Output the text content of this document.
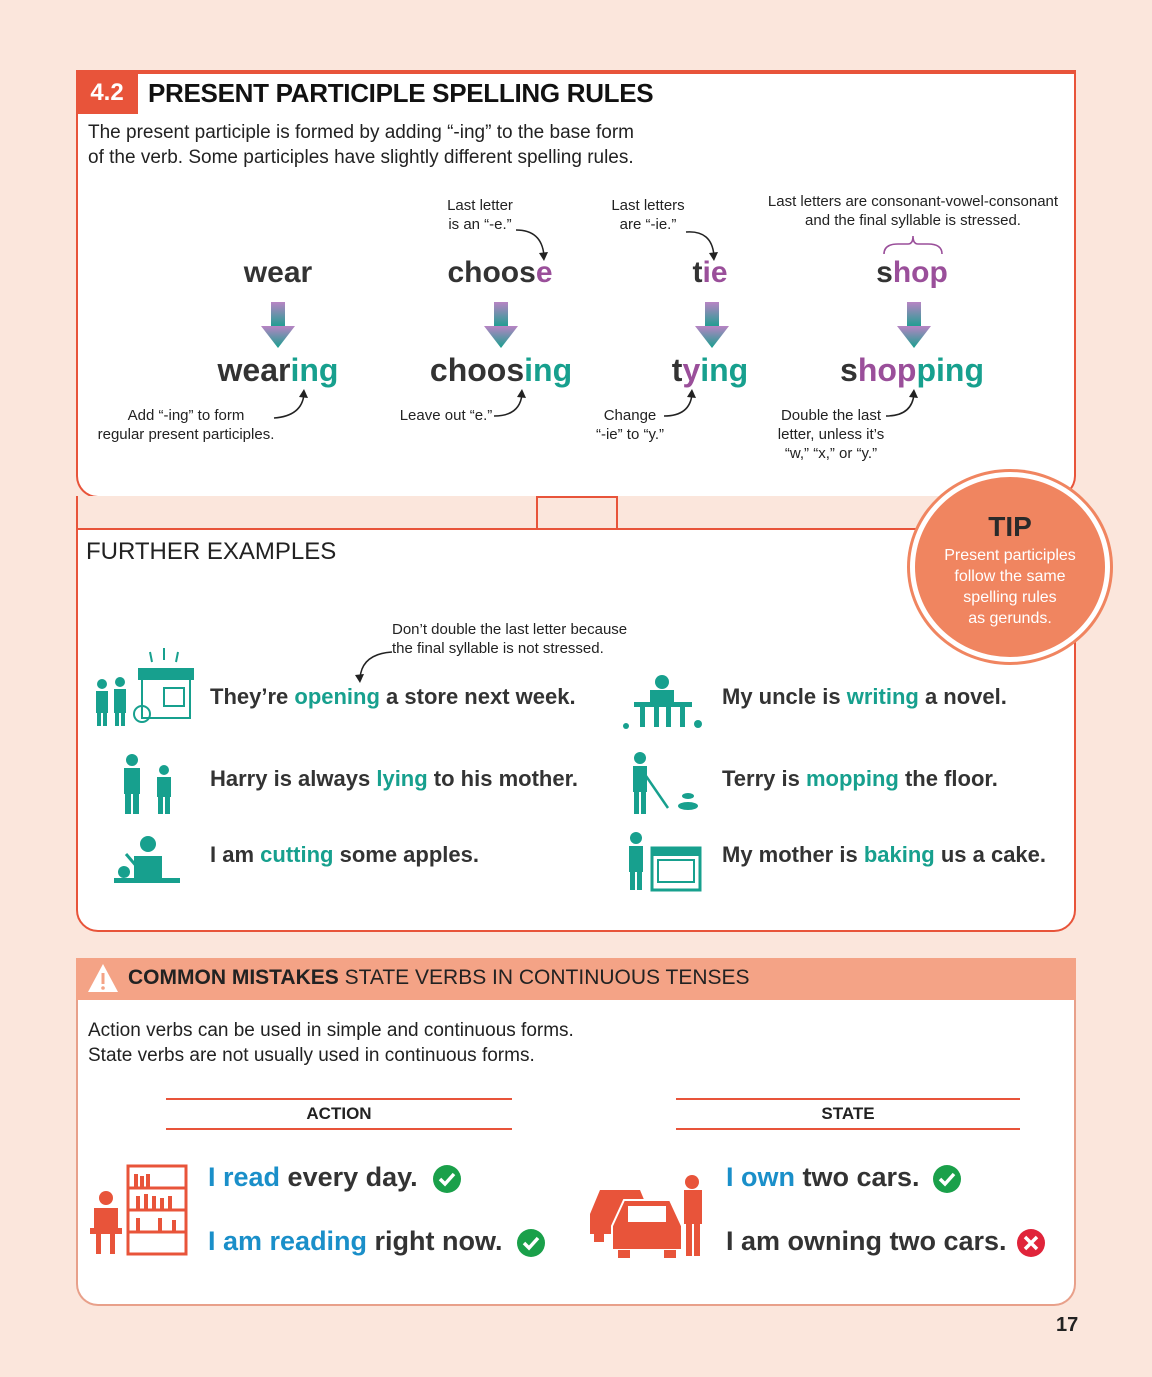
4.2 PRESENT PARTICIPLE SPELLING RULES
The present participle is formed by adding “-ing” to the base form
of the verb. Some participles have slightly different spelling rules.
wear
wearing
Add “-ing” to form
regular present participles.
Last letter
is an “-e.”
choose
choosing
Leave out “e.”
Last letters
are “-ie.”
tie
tying
Change
“-ie” to “y.”
Last letters are consonant-vowel-consonant
and the final syllable is stressed.
shop
shopping
Double the last
letter, unless it’s
“w,” “x,” or “y.”
FURTHER EXAMPLES
TIP
Present participles
follow the same
spelling rules
as gerunds.
Don’t double the last letter because
the final syllable is not stressed.
They’re opening a store next week.
Harry is always lying to his mother.
I am cutting some apples.
My uncle is writing a novel.
Terry is mopping the floor.
My mother is baking us a cake.
COMMON MISTAKES STATE VERBS IN CONTINUOUS TENSES
Action verbs can be used in simple and continuous forms.
State verbs are not usually used in continuous forms.
ACTION	STATE
I read every day.
I am reading right now.
I own two cars.
I am owning two cars.
17
